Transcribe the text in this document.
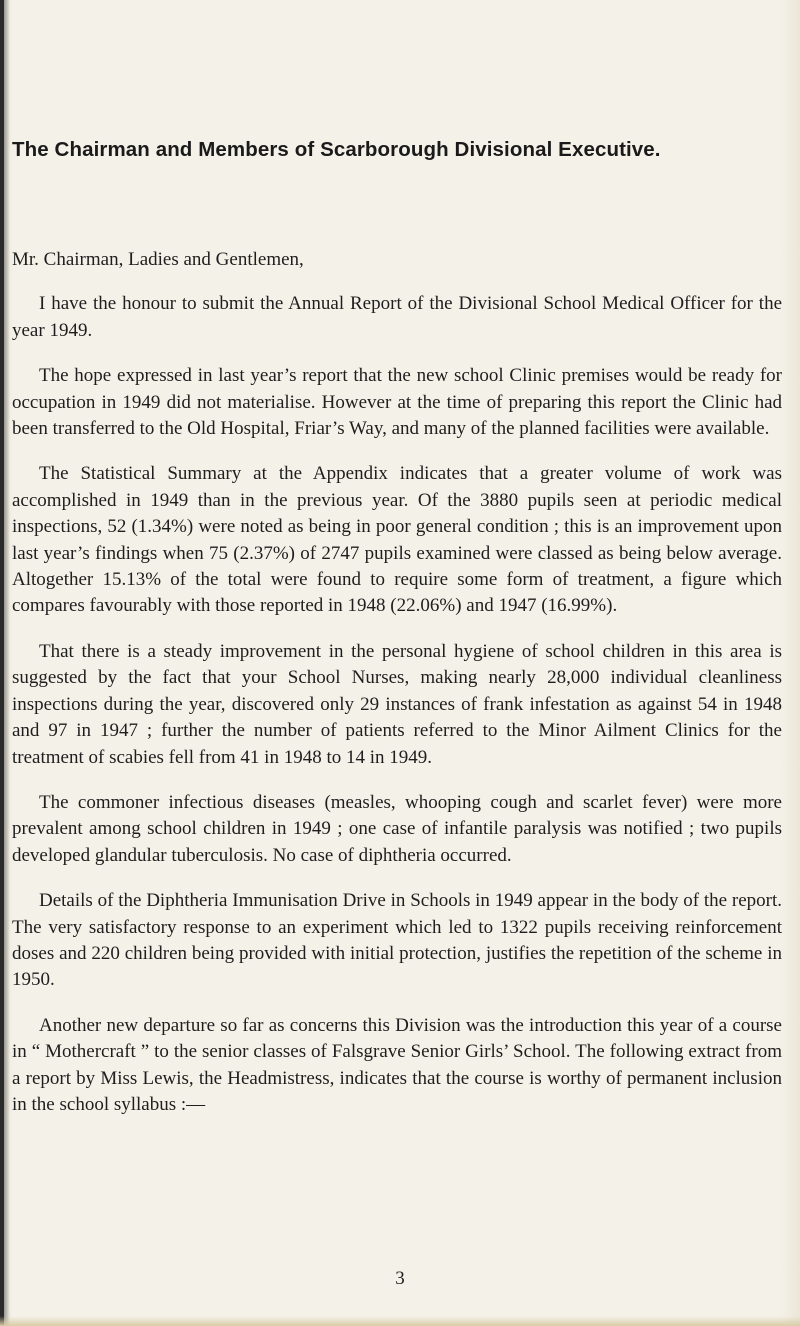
The Chairman and Members of Scarborough Divisional Executive.

Mr. Chairman, Ladies and Gentlemen,

I have the honour to submit the Annual Report of the Divisional School Medical Officer for the year 1949.

The hope expressed in last year’s report that the new school Clinic premises would be ready for occupation in 1949 did not materialise. However at the time of preparing this report the Clinic had been transferred to the Old Hospital, Friar’s Way, and many of the planned facilities were available.

The Statistical Summary at the Appendix indicates that a greater volume of work was accomplished in 1949 than in the previous year. Of the 3880 pupils seen at periodic medical inspections, 52 (1.34%) were noted as being in poor general condition ; this is an improvement upon last year’s findings when 75 (2.37%) of 2747 pupils examined were classed as being below average. Altogether 15.13% of the total were found to require some form of treatment, a figure which compares favourably with those reported in 1948 (22.06%) and 1947 (16.99%).

That there is a steady improvement in the personal hygiene of school children in this area is suggested by the fact that your School Nurses, making nearly 28,000 individual cleanliness inspections during the year, discovered only 29 instances of frank infestation as against 54 in 1948 and 97 in 1947 ; further the number of patients referred to the Minor Ailment Clinics for the treatment of scabies fell from 41 in 1948 to 14 in 1949.

The commoner infectious diseases (measles, whooping cough and scarlet fever) were more prevalent among school children in 1949 ; one case of infantile paralysis was notified ; two pupils developed glandular tuberculosis. No case of diphtheria occurred.

Details of the Diphtheria Immunisation Drive in Schools in 1949 appear in the body of the report. The very satisfactory response to an experiment which led to 1322 pupils receiving reinforcement doses and 220 children being provided with initial protection, justifies the repetition of the scheme in 1950.

Another new departure so far as concerns this Division was the introduction this year of a course in “ Mothercraft ” to the senior classes of Falsgrave Senior Girls’ School. The following extract from a report by Miss Lewis, the Headmistress, indicates that the course is worthy of permanent inclusion in the school syllabus :—

3
